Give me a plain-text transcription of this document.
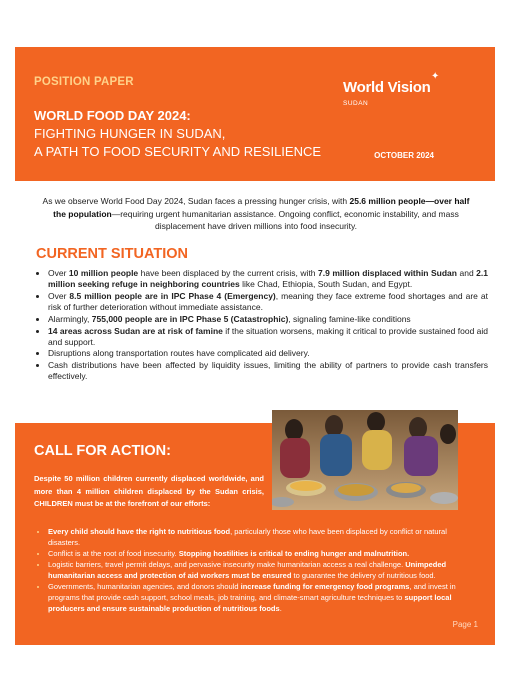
POSITION PAPER	World Vision
✦
SUDAN
WORLD FOOD DAY 2024:
FIGHTING HUNGER IN SUDAN,
A PATH TO FOOD SECURITY AND RESILIENCE	OCTOBER 2024
As we observe World Food Day 2024, Sudan faces a pressing hunger crisis, with 25.6 million people—over half the population—requiring urgent humanitarian assistance. Ongoing conflict, economic instability, and mass displacement have driven millions into food insecurity.
CURRENT SITUATION
• Over 10 million people have been displaced by the current crisis, with 7.9 million displaced within Sudan and 2.1 million seeking refuge in neighboring countries like Chad, Ethiopia, South Sudan, and Egypt.
• Over 8.5 million people are in IPC Phase 4 (Emergency), meaning they face extreme food shortages and are at risk of further deterioration without immediate assistance.
• Alarmingly, 755,000 people are in IPC Phase 5 (Catastrophic), signaling famine-like conditions
• 14 areas across Sudan are at risk of famine if the situation worsens, making it critical to provide sustained food aid and support.
• Disruptions along transportation routes have complicated aid delivery.
• Cash distributions have been affected by liquidity issues, limiting the ability of partners to provide cash transfers effectively.
CALL FOR ACTION:
Despite 50 million children currently displaced worldwide, and more than 4 million children displaced by the Sudan crisis, CHILDREN must be at the forefront of our efforts:
• Every child should have the right to nutritious food, particularly those who have been displaced by conflict or natural disasters.
• Conflict is at the root of food insecurity. Stopping hostilities is critical to ending hunger and malnutrition.
• Logistic barriers, travel permit delays, and pervasive insecurity make humanitarian access a real challenge. Unimpeded humanitarian access and protection of aid workers must be ensured to guarantee the delivery of nutritious food.
• Governments, humanitarian agencies, and donors should increase funding for emergency food programs, and invest in programs that provide cash support, school meals, job training, and climate-smart agriculture techniques to support local producers and ensure sustainable production of nutritious foods.
Page 1
